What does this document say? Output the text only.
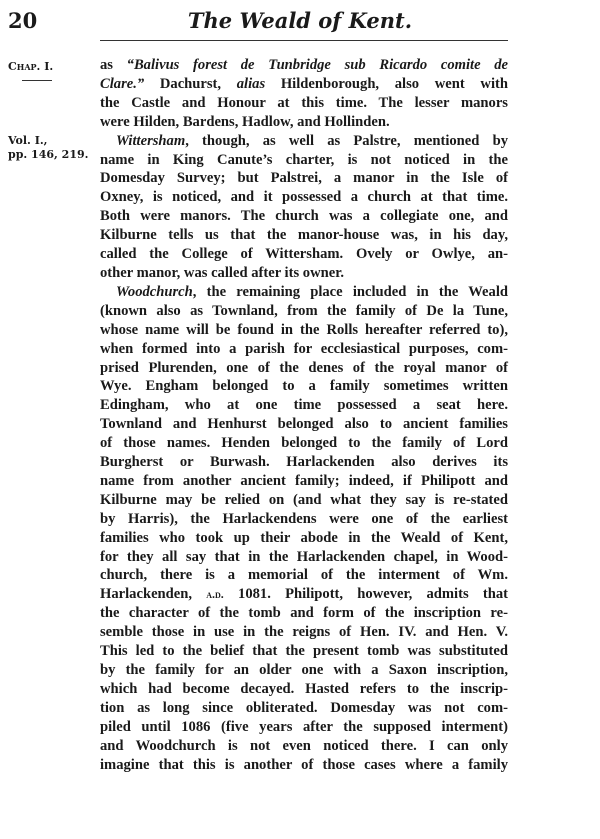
20	The Weald of Kent.
Chap. I.
Vol. I.,
pp. 146, 219.
as “Balivus forest de Tunbridge sub Ricardo comite de
Clare.” Dachurst, alias Hildenborough, also went with
the Castle and Honour at this time. The lesser manors
were Hilden, Bardens, Hadlow, and Hollinden.
Wittersham, though, as well as Palstre, mentioned by
name in King Canute’s charter, is not noticed in the
Domesday Survey; but Palstrei, a manor in the Isle of
Oxney, is noticed, and it possessed a church at that time.
Both were manors. The church was a collegiate one, and
Kilburne tells us that the manor-house was, in his day,
called the College of Wittersham. Ovely or Owlye, an-
other manor, was called after its owner.
Woodchurch, the remaining place included in the Weald
(known also as Townland, from the family of De la Tune,
whose name will be found in the Rolls hereafter referred to),
when formed into a parish for ecclesiastical purposes, com-
prised Plurenden, one of the denes of the royal manor of
Wye. Engham belonged to a family sometimes written
Edingham, who at one time possessed a seat here.
Townland and Henhurst belonged also to ancient families
of those names. Henden belonged to the family of Lord
Burgherst or Burwash. Harlackenden also derives its
name from another ancient family; indeed, if Philipott and
Kilburne may be relied on (and what they say is re-stated
by Harris), the Harlackendens were one of the earliest
families who took up their abode in the Weald of Kent,
for they all say that in the Harlackenden chapel, in Wood-
church, there is a memorial of the interment of Wm.
Harlackenden, a.d. 1081. Philipott, however, admits that
the character of the tomb and form of the inscription re-
semble those in use in the reigns of Hen. IV. and Hen. V.
This led to the belief that the present tomb was substituted
by the family for an older one with a Saxon inscription,
which had become decayed. Hasted refers to the inscrip-
tion as long since obliterated. Domesday was not com-
piled until 1086 (five years after the supposed interment)
and Woodchurch is not even noticed there. I can only
imagine that this is another of those cases where a family
